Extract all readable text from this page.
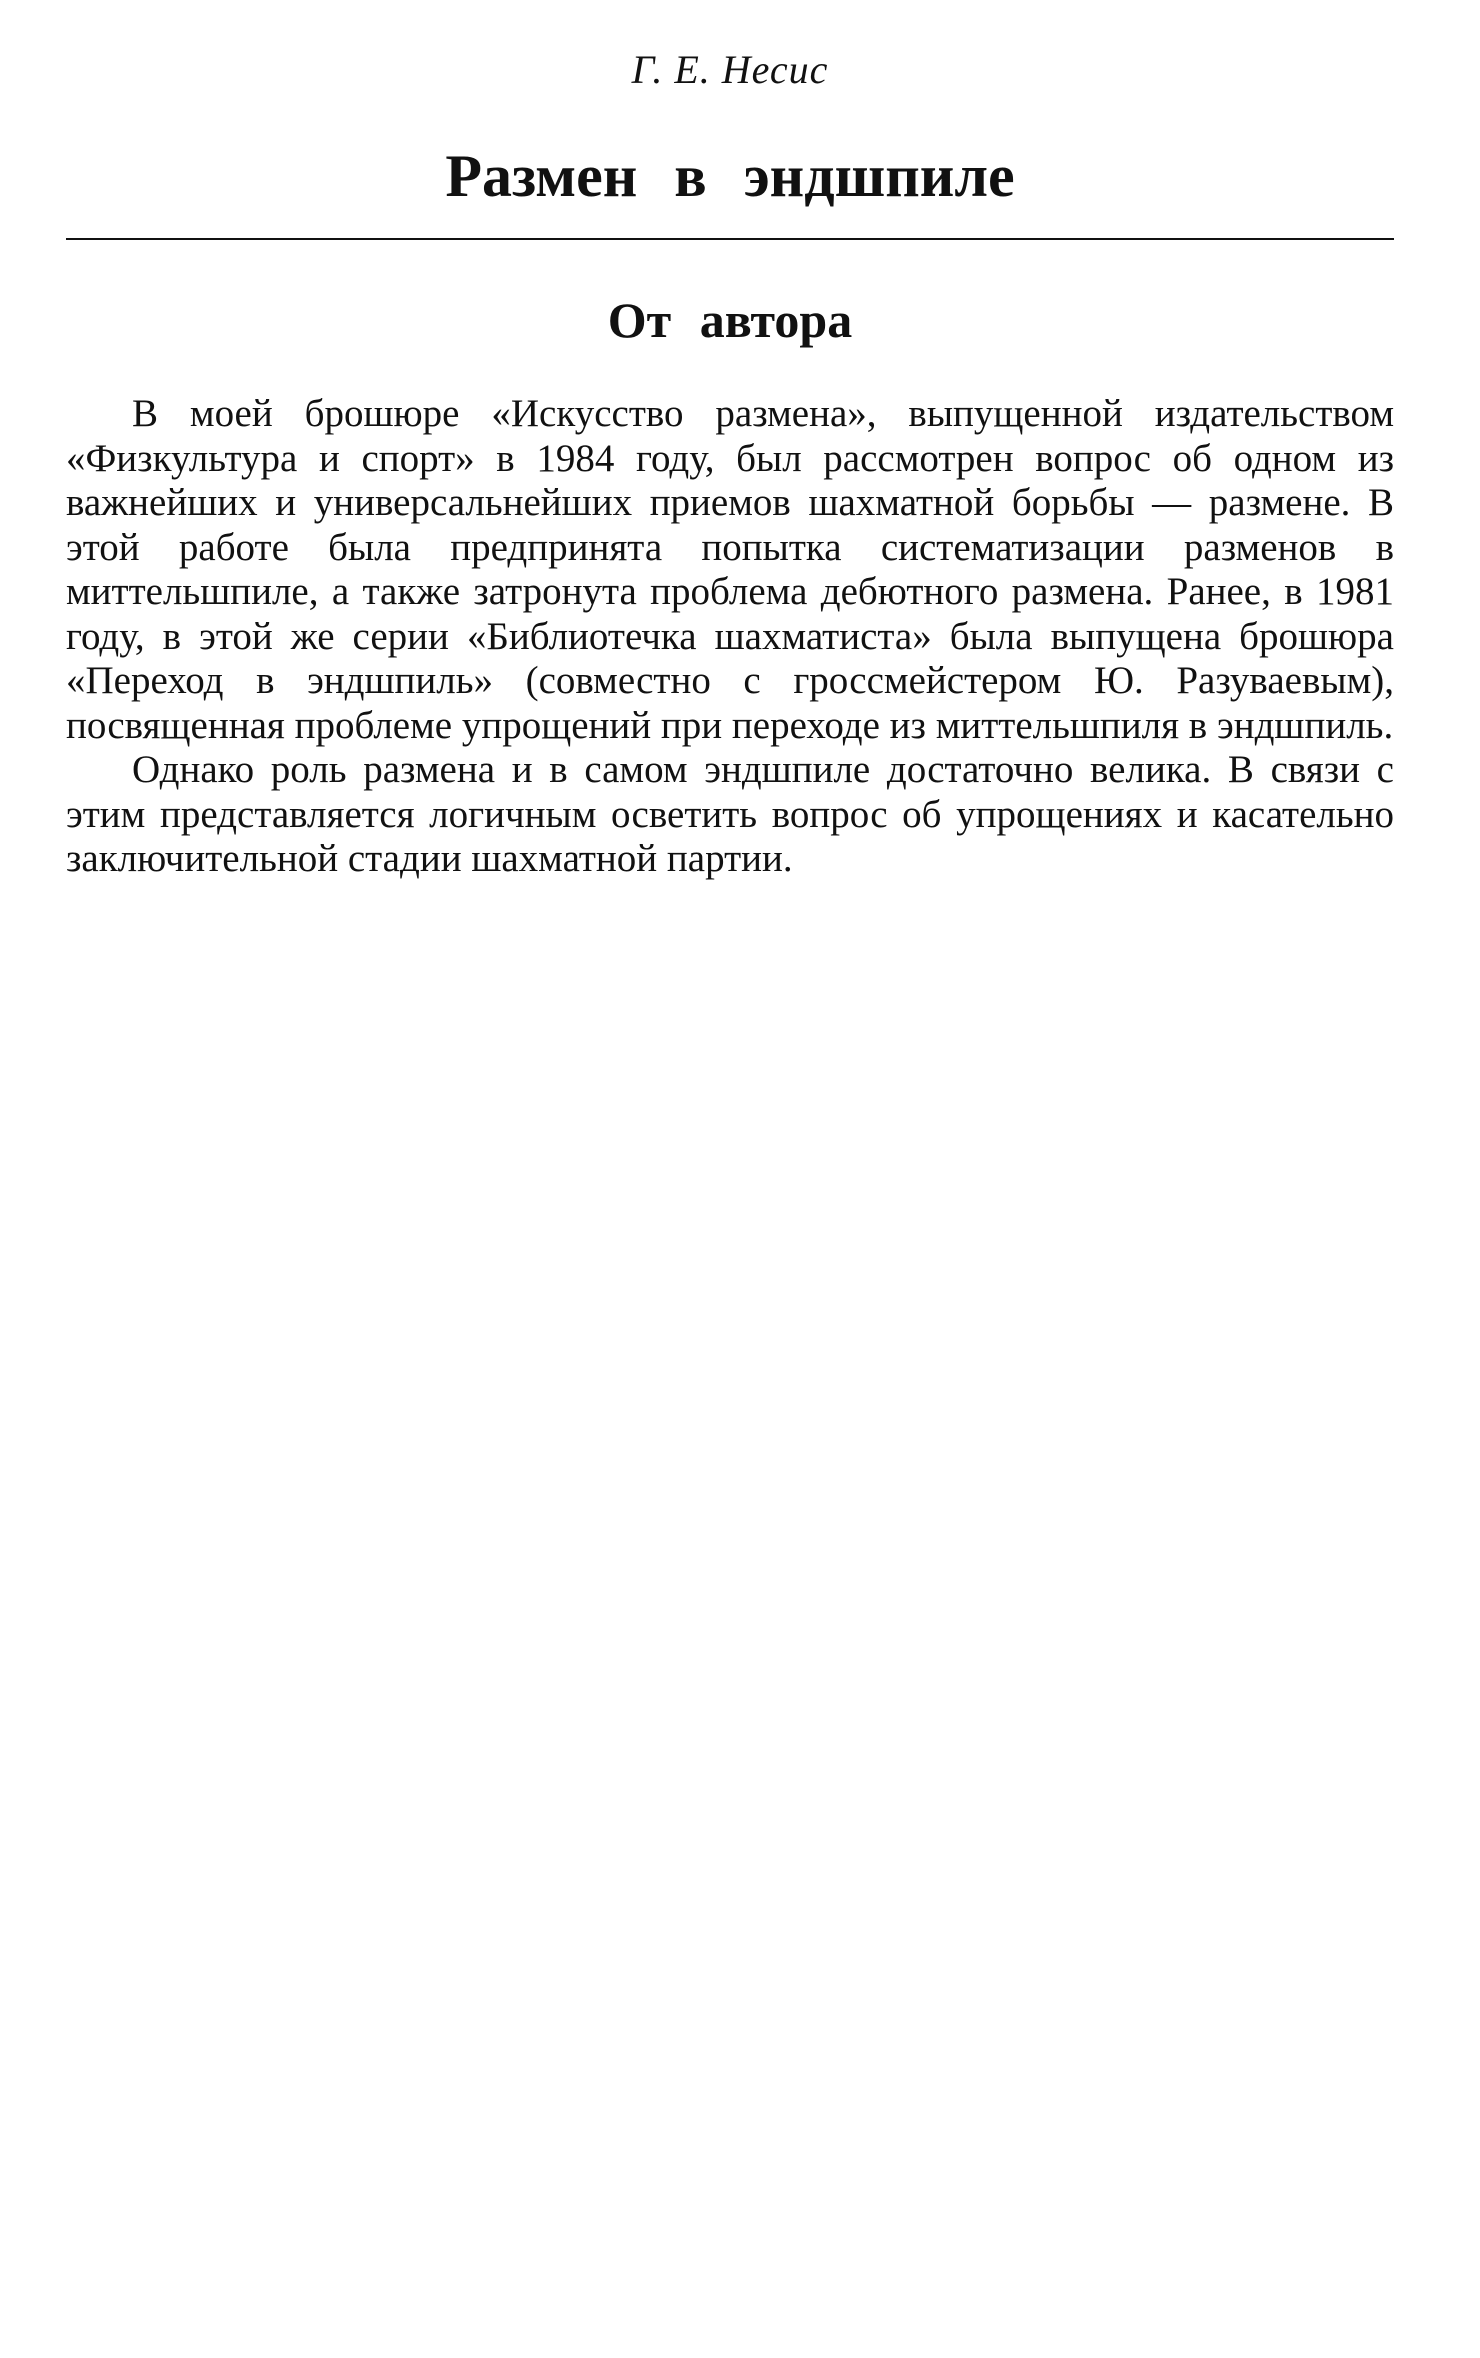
Г. Е. Несис
Размен в эндшпиле
От автора

В моей брошюре «Искусство размена», выпущенной издательством «Физкультура и спорт» в 1984 году, был рассмотрен вопрос об одном из важнейших и универсальнейших приемов шахматной борьбы — размене. В этой работе была предпринята попытка систематизации разменов в миттельшпиле, а также затронута проблема дебютного размена. Ранее, в 1981 году, в этой же серии «Библиотечка шахматиста» была выпущена брошюра «Переход в эндшпиль» (совместно с гроссмейстером Ю. Разуваевым), посвященная проблеме упрощений при переходе из миттельшпиля в эндшпиль.

Однако роль размена и в самом эндшпиле достаточно велика. В связи с этим представляется логичным осветить вопрос об упрощениях и касательно заключительной стадии шахматной партии.
